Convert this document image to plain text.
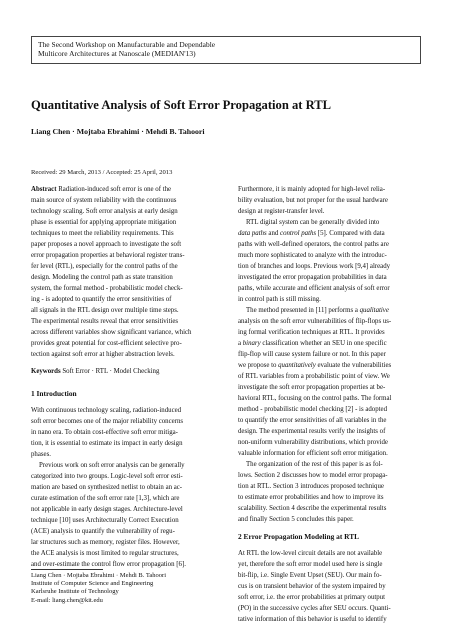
The Second Workshop on Manufacturable and Dependable
Multicore Architectures at Nanoscale (MEDIAN'13)
Quantitative Analysis of Soft Error Propagation at RTL
Liang Chen · Mojtaba Ebrahimi · Mehdi B. Tahoori
Received: 29 March, 2013 / Accepted: 25 April, 2013
Abstract Radiation-induced soft error is one of the
main source of system reliability with the continuous
technology scaling. Soft error analysis at early design
phase is essential for applying appropriate mitigation
techniques to meet the reliability requirements. This
paper proposes a novel approach to investigate the soft
error propagation properties at behavioral register trans-
fer level (RTL), especially for the control paths of the
design. Modeling the control path as state transition
system, the formal method - probabilistic model check-
ing - is adopted to quantify the error sensitivities of
all signals in the RTL design over multiple time steps.
The experimental results reveal that error sensitivities
across different variables show significant variance, which
provides great potential for cost-efficient selective pro-
tection against soft error at higher abstraction levels.
Keywords Soft Error · RTL · Model Checking
1 Introduction
With continuous technology scaling, radiation-induced
soft error becomes one of the major reliability concerns
in nano era. To obtain cost-effective soft error mitiga-
tion, it is essential to estimate its impact in early design
phases.
Previous work on soft error analysis can be generally
categorized into two groups. Logic-level soft error esti-
mation are based on synthesized netlist to obtain an ac-
curate estimation of the soft error rate [1,3], which are
not applicable in early design stages. Architecture-level
technique [10] uses Architecturally Correct Execution
(ACE) analysis to quantify the vulnerability of regu-
lar structures such as memory, register files. However,
the ACE analysis is most limited to regular structures,
and over-estimate the control flow error propagation [6].
Liang Chen · Mojtaba Ebrahimi · Mehdi B. Tahoori
Institute of Computer Science and Engineering
Karlsruhe Institute of Technology
E-mail: liang.chen@kit.edu
Furthermore, it is mainly adopted for high-level relia-
bility evaluation, but not proper for the usual hardware
design at register-transfer level.
RTL digital system can be generally divided into
data paths and control paths [5]. Compared with data
paths with well-defined operators, the control paths are
much more sophisticated to analyze with the introduc-
tion of branches and loops. Previous work [9,4] already
investigated the error propagation probabilities in data
paths, while accurate and efficient analysis of soft error
in control path is still missing.
The method presented in [11] performs a qualitative
analysis on the soft error vulnerabilities of flip-flops us-
ing formal verification techniques at RTL. It provides
a binary classification whether an SEU in one specific
flip-flop will cause system failure or not. In this paper
we propose to quantitatively evaluate the vulnerabilities
of RTL variables from a probabilistic point of view. We
investigate the soft error propagation properties at be-
havioral RTL, focusing on the control paths. The formal
method - probabilistic model checking [2] - is adopted
to quantify the error sensitivities of all variables in the
design. The experimental results verify the insights of
non-uniform vulnerability distributions, which provide
valuable information for efficient soft error mitigation.
The organization of the rest of this paper is as fol-
lows. Section 2 discusses how to model error propaga-
tion at RTL. Section 3 introduces proposed technique
to estimate error probabilities and how to improve its
scalability. Section 4 describe the experimental results
and finally Section 5 concludes this paper.
2 Error Propagation Modeling at RTL
At RTL the low-level circuit details are not available
yet, therefore the soft error model used here is single
bit-flip, i.e. Single Event Upset (SEU). Our main fo-
cus is on transient behavior of the system impaired by
soft error, i.e. the error probabilities at primary output
(PO) in the successive cycles after SEU occurs. Quanti-
tative information of this behavior is useful to identify
